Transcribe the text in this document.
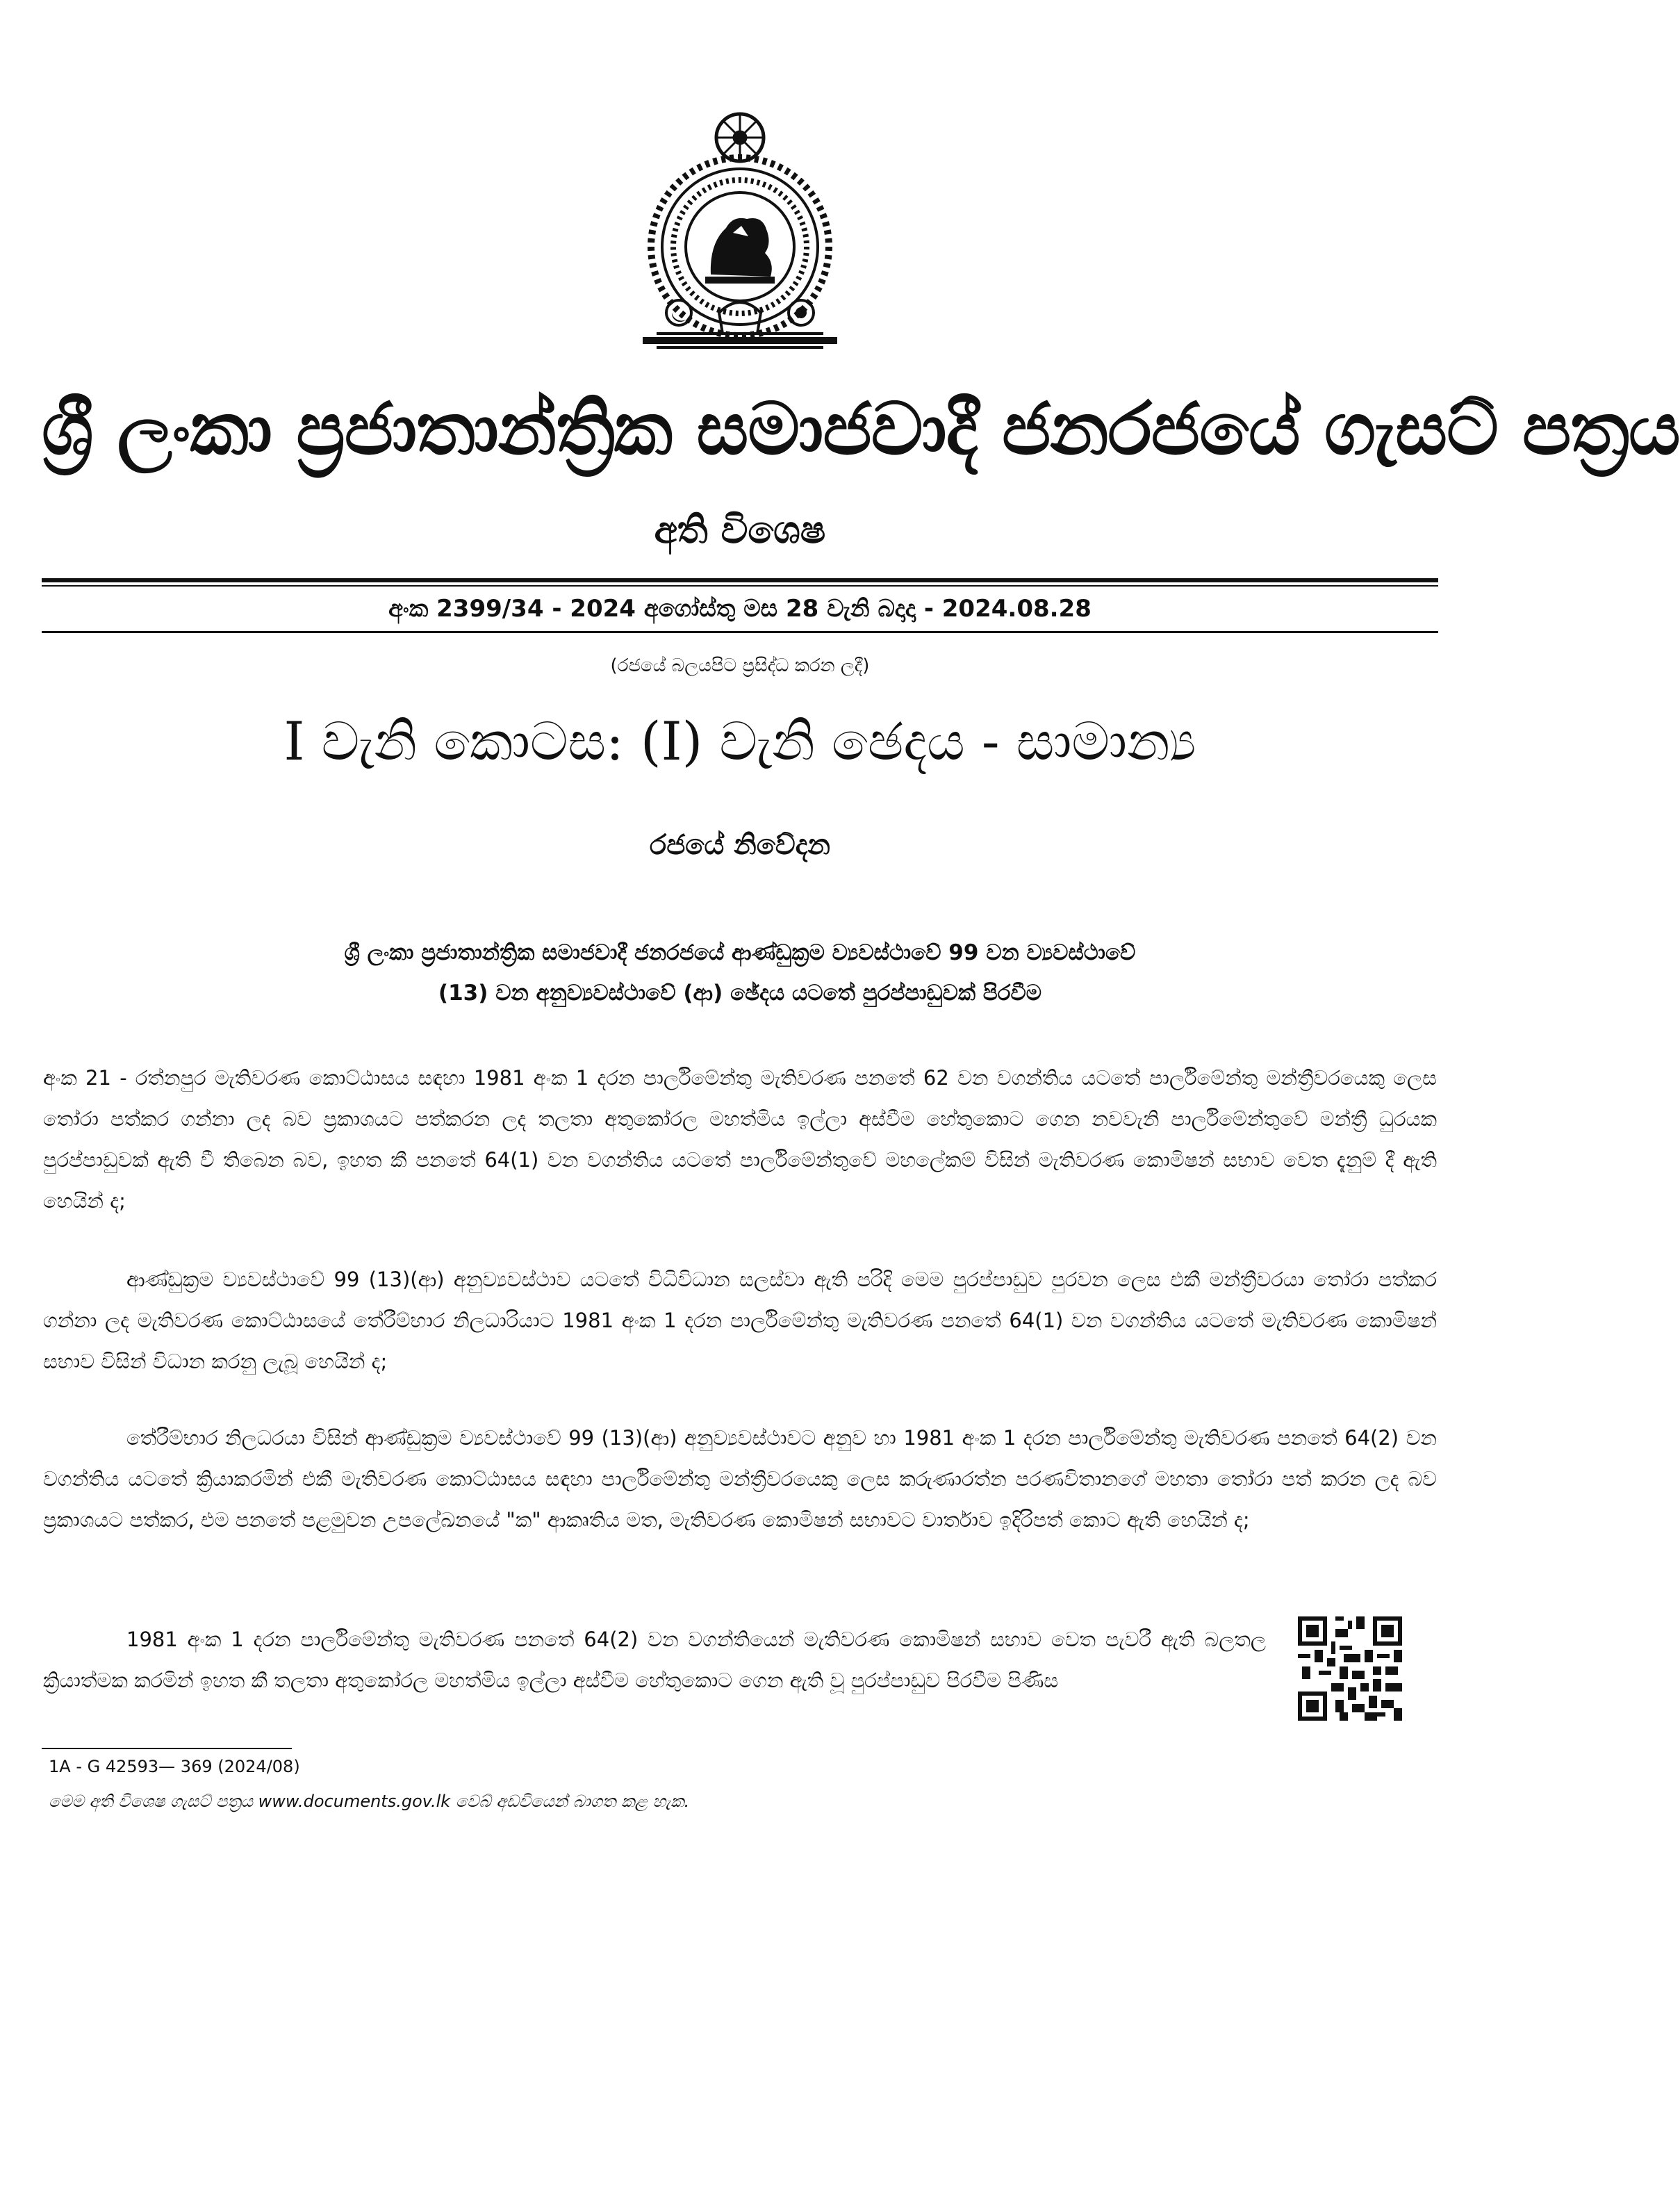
ශ්‍රී ලංකා ප්‍රජාතාන්ත්‍රික සමාජවාදී ජනරජයේ ගැසට් පත්‍රය
අති විශෙෂ
අංක 2399/34 - 2024 අගෝස්තු මස 28 වැනි බදාදා - 2024.08.28
(රජයේ බලයපිට ප්‍රසිද්ධ කරන ලදී)
I වැනි කොටස: (I) වැනි ඡෙදය - සාමාන්‍ය
රජයේ නිවේදන
ශ්‍රී ලංකා ප්‍රජාතාන්ත්‍රික සමාජවාදී ජනරජයේ ආණ්ඩුක්‍රම ව්‍යවස්ථාවේ 99 වන ව්‍යවස්ථාවේ
(13) වන අනුව්‍යවස්ථාවේ (ආ) ඡේදය යටතේ පුරප්පාඩුවක් පිරවීම
අංක 21 - රත්නපුර මැතිවරණ කොට්ඨාසය සඳහා 1981 අංක 1 දරන පාර්ලිමේන්තු මැතිවරණ පනතේ 62 වන වගන්තිය යටතේ පාර්ලිමේන්තු මන්ත්‍රීවරයෙකු ලෙස තෝරා පත්කර ගන්නා ලද බව ප්‍රකාශයට පත්කරන ලද තලතා අතුකෝරල මහත්මිය ඉල්ලා අස්වීම හේතුකොට ගෙන නවවැනි පාර්ලිමේන්තුවේ මන්ත්‍රී ධුරයක පුරප්පාඩුවක් ඇති වී තිබෙන බව, ඉහත කී පනතේ 64(1) වන වගන්තිය යටතේ පාර්ලිමේන්තුවේ මහලේකම් විසින් මැතිවරණ කොමිෂන් සභාව වෙත දැනුම් දී ඇති හෙයින් ද;
ආණ්ඩුක්‍රම ව්‍යවස්ථාවේ 99 (13)(ආ) අනුව්‍යවස්ථාව යටතේ විධිවිධාන සලස්වා ඇති පරිදි මෙම පුරප්පාඩුව පුරවන ලෙස එකී මන්ත්‍රීවරයා තෝරා පත්කර ගන්නා ලද මැතිවරණ කොට්ඨාසයේ තේරීම්භාර නිලධාරියාට 1981 අංක 1 දරන පාර්ලිමේන්තු මැතිවරණ පනතේ 64(1) වන වගන්තිය යටතේ මැතිවරණ කොමිෂන් සභාව විසින් විධාන කරනු ලැබූ හෙයින් ද;
තේරීම්භාර නිලධරයා විසින් ආණ්ඩුක්‍රම ව්‍යවස්ථාවේ 99 (13)(ආ) අනුව්‍යවස්ථාවට අනුව හා 1981 අංක 1 දරන පාර්ලිමේන්තු මැතිවරණ පනතේ 64(2) වන වගන්තිය යටතේ ක්‍රියාකරමින් එකී මැතිවරණ කොට්ඨාසය සඳහා පාර්ලිමේන්තු මන්ත්‍රීවරයෙකු ලෙස කරුණාරත්න පරණවිතානගේ මහතා තෝරා පත් කරන ලද බව ප්‍රකාශයට පත්කර, එම පනතේ පළමුවන උපලේඛනයේ "ක" ආකෘතිය මත, මැතිවරණ කොමිෂන් සභාවට වාර්තාව ඉදිරිපත් කොට ඇති හෙයින් ද;
1981 අංක 1 දරන පාර්ලිමේන්තු මැතිවරණ පනතේ 64(2) වන වගන්තියෙන් මැතිවරණ කොමිෂන් සභාව වෙත පැවරී ඇති බලතල ක්‍රියාත්මක කරමින් ඉහත කී තලතා අතුකෝරල මහත්මිය ඉල්ලා අස්වීම හේතුකොට ගෙන ඇති වූ පුරප්පාඩුව පිරවීම පිණිස
1A - G 42593— 369 (2024/08)
මෙම අති විශෙෂ ගැසට් පත්‍රය www.documents.gov.lk වෙබ් අඩවියෙන් බාගත කළ හැක.
